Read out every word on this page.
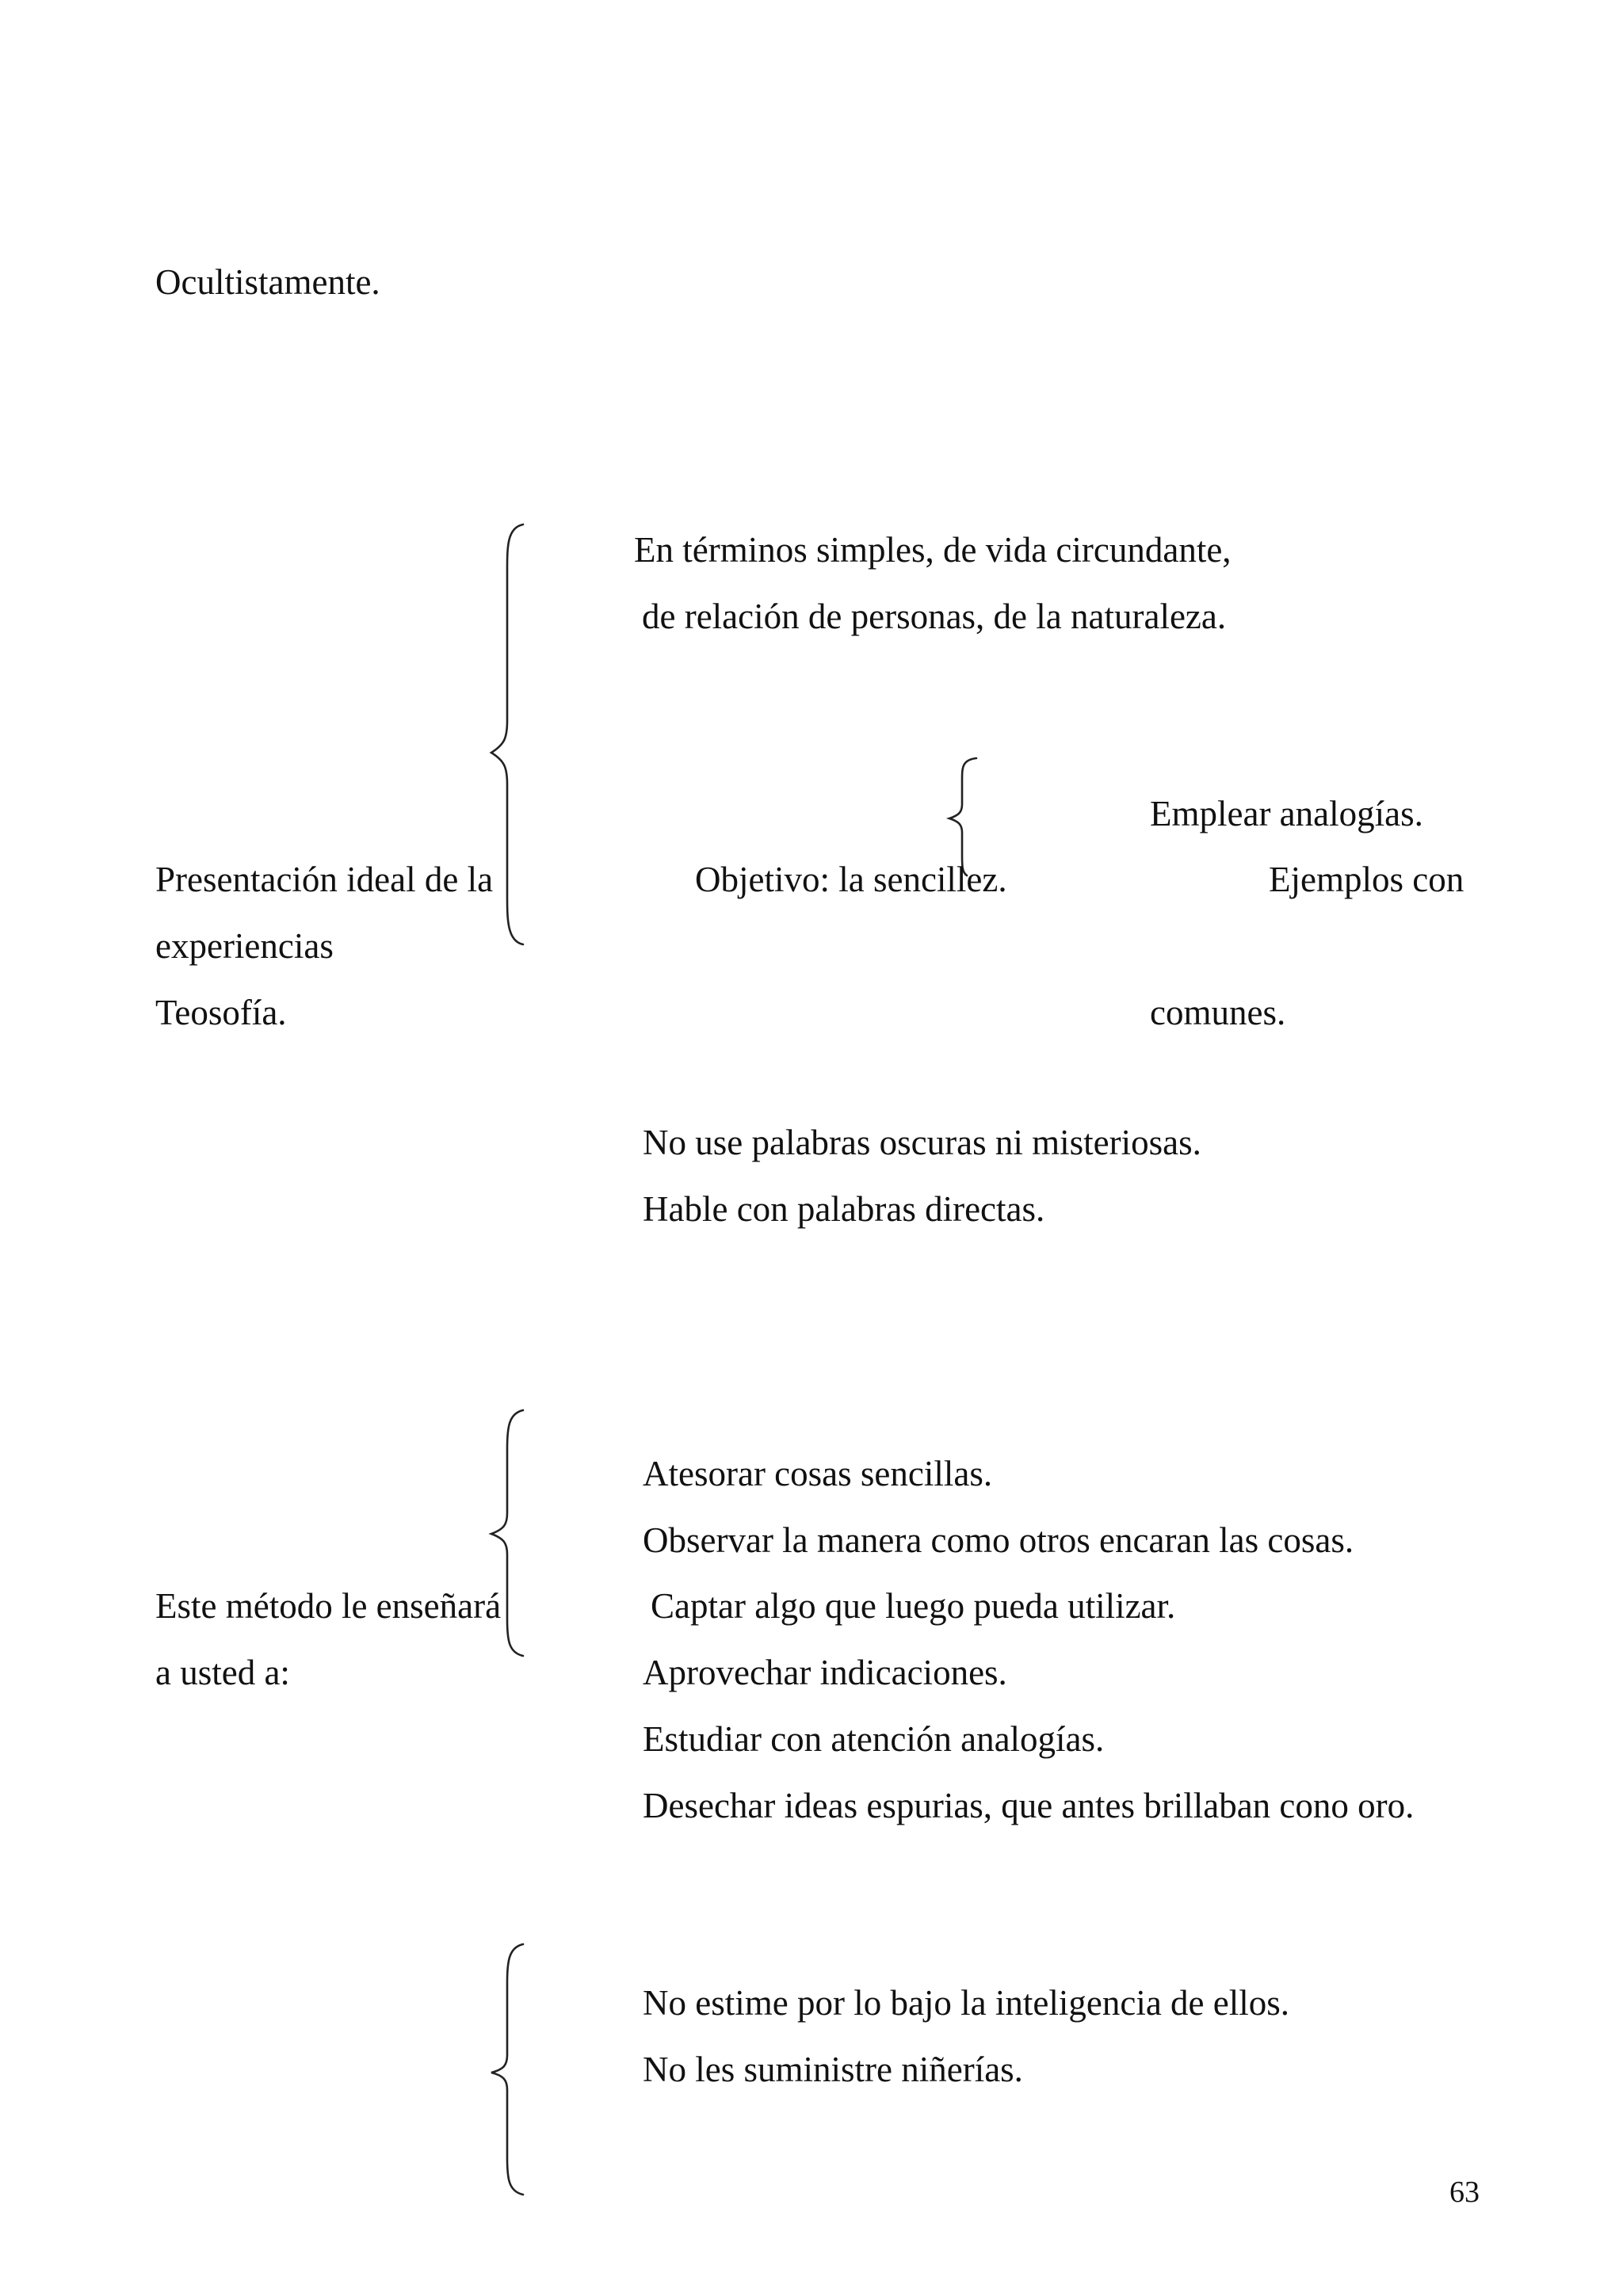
Ocultistamente.
En términos simples, de vida circundante,
de relación de personas, de la naturaleza.
Emplear analogías.
Presentación ideal de la	Objetivo: la sencillez.	Ejemplos con
experiencias
Teosofía.	comunes.
No use palabras oscuras ni misteriosas.
Hable con palabras directas.
Atesorar cosas sencillas.
Observar la manera como otros encaran las cosas.
Este método le enseñará	Captar algo que luego pueda utilizar.
a usted a:	Aprovechar indicaciones.
Estudiar con atención analogías.
Desechar ideas espurias, que antes brillaban cono oro.
No estime por lo bajo la inteligencia de ellos.
No les suministre niñerías.
63
